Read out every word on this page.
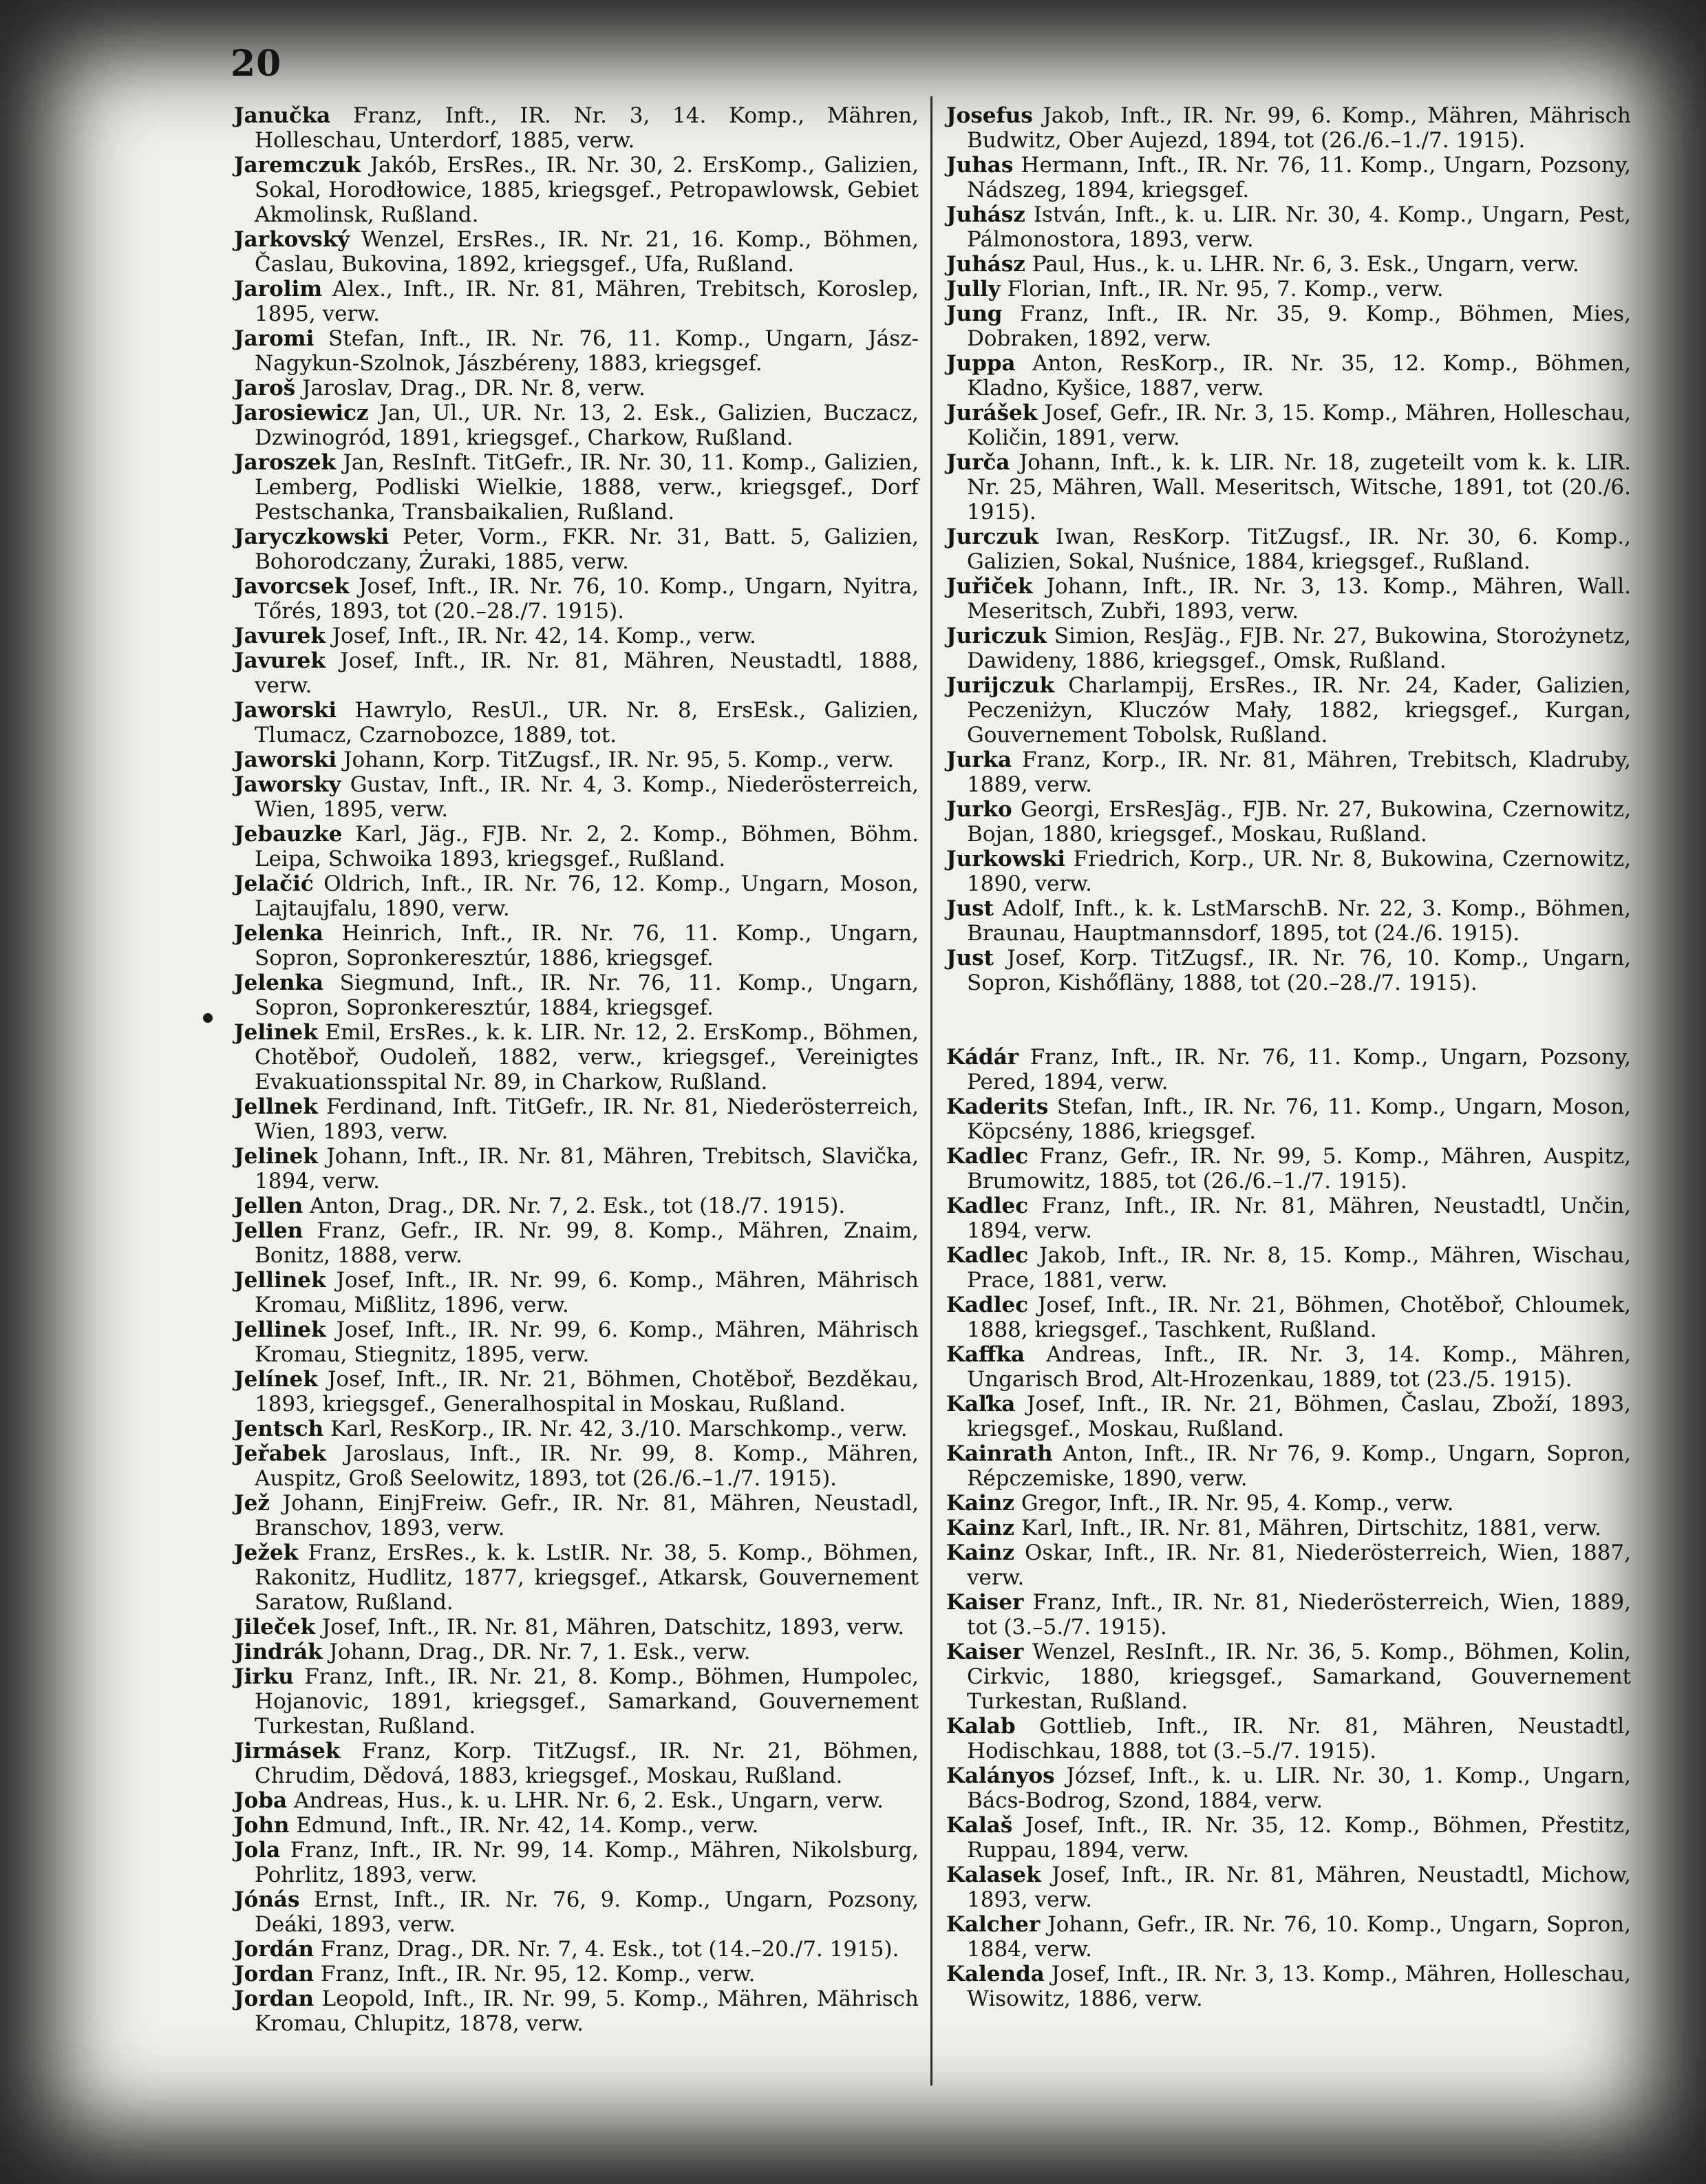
20

Janučka Franz, Inft., IR. Nr. 3, 14. Komp., Mähren, Holleschau, Unterdorf, 1885, verw.

Jaremczuk Jakób, ErsRes., IR. Nr. 30, 2. ErsKomp., Galizien, Sokal, Horodłowice, 1885, kriegsgef., Petropawlowsk, Gebiet Akmolinsk, Rußland.

Jarkovský Wenzel, ErsRes., IR. Nr. 21, 16. Komp., Böhmen, Časlau, Bukovina, 1892, kriegsgef., Ufa, Rußland.

Jarolim Alex., Inft., IR. Nr. 81, Mähren, Trebitsch, Koroslep, 1895, verw.

Jaromi Stefan, Inft., IR. Nr. 76, 11. Komp., Ungarn, Jász-Nagykun-Szolnok, Jászbéreny, 1883, kriegsgef.

Jaroš Jaroslav, Drag., DR. Nr. 8, verw.

Jarosiewicz Jan, Ul., UR. Nr. 13, 2. Esk., Galizien, Buczacz, Dzwinogród, 1891, kriegsgef., Charkow, Rußland.

Jaroszek Jan, ResInft. TitGefr., IR. Nr. 30, 11. Komp., Galizien, Lemberg, Podliski Wielkie, 1888, verw., kriegsgef., Dorf Pestschanka, Transbaikalien, Rußland.

Jaryczkowski Peter, Vorm., FKR. Nr. 31, Batt. 5, Galizien, Bohorodczany, Żuraki, 1885, verw.

Javorcsek Josef, Inft., IR. Nr. 76, 10. Komp., Ungarn, Nyitra, Tőrés, 1893, tot (20.–28./7. 1915).

Javurek Josef, Inft., IR. Nr. 42, 14. Komp., verw.

Javurek Josef, Inft., IR. Nr. 81, Mähren, Neustadtl, 1888, verw.

Jaworski Hawrylo, ResUl., UR. Nr. 8, ErsEsk., Galizien, Tlumacz, Czarnobozce, 1889, tot.

Jaworski Johann, Korp. TitZugsf., IR. Nr. 95, 5. Komp., verw.

Jaworsky Gustav, Inft., IR. Nr. 4, 3. Komp., Niederösterreich, Wien, 1895, verw.

Jebauzke Karl, Jäg., FJB. Nr. 2, 2. Komp., Böhmen, Böhm. Leipa, Schwoika 1893, kriegsgef., Rußland.

Jelačić Oldrich, Inft., IR. Nr. 76, 12. Komp., Ungarn, Moson, Lajtaujfalu, 1890, verw.

Jelenka Heinrich, Inft., IR. Nr. 76, 11. Komp., Ungarn, Sopron, Sopronkeresztúr, 1886, kriegsgef.

Jelenka Siegmund, Inft., IR. Nr. 76, 11. Komp., Ungarn, Sopron, Sopronkeresztúr, 1884, kriegsgef.

Jelinek Emil, ErsRes., k. k. LIR. Nr. 12, 2. ErsKomp., Böhmen, Chotěboř, Oudoleň, 1882, verw., kriegsgef., Vereinigtes Evakuationsspital Nr. 89, in Charkow, Rußland.

Jellnek Ferdinand, Inft. TitGefr., IR. Nr. 81, Niederösterreich, Wien, 1893, verw.

Jelinek Johann, Inft., IR. Nr. 81, Mähren, Trebitsch, Slavička, 1894, verw.

Jellen Anton, Drag., DR. Nr. 7, 2. Esk., tot (18./7. 1915).

Jellen Franz, Gefr., IR. Nr. 99, 8. Komp., Mähren, Znaim, Bonitz, 1888, verw.

Jellinek Josef, Inft., IR. Nr. 99, 6. Komp., Mähren, Mährisch Kromau, Mißlitz, 1896, verw.

Jellinek Josef, Inft., IR. Nr. 99, 6. Komp., Mähren, Mährisch Kromau, Stiegnitz, 1895, verw.

Jelínek Josef, Inft., IR. Nr. 21, Böhmen, Chotěboř, Bezděkau, 1893, kriegsgef., Generalhospital in Moskau, Rußland.

Jentsch Karl, ResKorp., IR. Nr. 42, 3./10. Marschkomp., verw.

Jeřabek Jaroslaus, Inft., IR. Nr. 99, 8. Komp., Mähren, Auspitz, Groß Seelowitz, 1893, tot (26./6.–1./7. 1915).

Jež Johann, EinjFreiw. Gefr., IR. Nr. 81, Mähren, Neustadl, Branschov, 1893, verw.

Ježek Franz, ErsRes., k. k. LstIR. Nr. 38, 5. Komp., Böhmen, Rakonitz, Hudlitz, 1877, kriegsgef., Atkarsk, Gouvernement Saratow, Rußland.

Jileček Josef, Inft., IR. Nr. 81, Mähren, Datschitz, 1893, verw.

Jindrák Johann, Drag., DR. Nr. 7, 1. Esk., verw.

Jirku Franz, Inft., IR. Nr. 21, 8. Komp., Böhmen, Humpolec, Hojanovic, 1891, kriegsgef., Samarkand, Gouvernement Turkestan, Rußland.

Jirmásek Franz, Korp. TitZugsf., IR. Nr. 21, Böhmen, Chrudim, Dědová, 1883, kriegsgef., Moskau, Rußland.

Joba Andreas, Hus., k. u. LHR. Nr. 6, 2. Esk., Ungarn, verw.

John Edmund, Inft., IR. Nr. 42, 14. Komp., verw.

Jola Franz, Inft., IR. Nr. 99, 14. Komp., Mähren, Nikolsburg, Pohrlitz, 1893, verw.

Jónás Ernst, Inft., IR. Nr. 76, 9. Komp., Ungarn, Pozsony, Deáki, 1893, verw.

Jordán Franz, Drag., DR. Nr. 7, 4. Esk., tot (14.–20./7. 1915).

Jordan Franz, Inft., IR. Nr. 95, 12. Komp., verw.

Jordan Leopold, Inft., IR. Nr. 99, 5. Komp., Mähren, Mährisch Kromau, Chlupitz, 1878, verw.

Josefus Jakob, Inft., IR. Nr. 99, 6. Komp., Mähren, Mährisch Budwitz, Ober Aujezd, 1894, tot (26./6.–1./7. 1915).

Juhas Hermann, Inft., IR. Nr. 76, 11. Komp., Ungarn, Pozsony, Nádszeg, 1894, kriegsgef.

Juhász István, Inft., k. u. LIR. Nr. 30, 4. Komp., Ungarn, Pest, Pálmonostora, 1893, verw.

Juhász Paul, Hus., k. u. LHR. Nr. 6, 3. Esk., Ungarn, verw.

Jully Florian, Inft., IR. Nr. 95, 7. Komp., verw.

Jung Franz, Inft., IR. Nr. 35, 9. Komp., Böhmen, Mies, Dobraken, 1892, verw.

Juppa Anton, ResKorp., IR. Nr. 35, 12. Komp., Böhmen, Kladno, Kyšice, 1887, verw.

Jurášek Josef, Gefr., IR. Nr. 3, 15. Komp., Mähren, Holleschau, Količin, 1891, verw.

Jurča Johann, Inft., k. k. LIR. Nr. 18, zugeteilt vom k. k. LIR. Nr. 25, Mähren, Wall. Meseritsch, Witsche, 1891, tot (20./6. 1915).

Jurczuk Iwan, ResKorp. TitZugsf., IR. Nr. 30, 6. Komp., Galizien, Sokal, Nuśnice, 1884, kriegsgef., Rußland.

Juřiček Johann, Inft., IR. Nr. 3, 13. Komp., Mähren, Wall. Meseritsch, Zubři, 1893, verw.

Juriczuk Simion, ResJäg., FJB. Nr. 27, Bukowina, Storożynetz, Dawideny, 1886, kriegsgef., Omsk, Rußland.

Jurijczuk Charlampij, ErsRes., IR. Nr. 24, Kader, Galizien, Peczeniżyn, Kluczów Mały, 1882, kriegsgef., Kurgan, Gouvernement Tobolsk, Rußland.

Jurka Franz, Korp., IR. Nr. 81, Mähren, Trebitsch, Kladruby, 1889, verw.

Jurko Georgi, ErsResJäg., FJB. Nr. 27, Bukowina, Czernowitz, Bojan, 1880, kriegsgef., Moskau, Rußland.

Jurkowski Friedrich, Korp., UR. Nr. 8, Bukowina, Czernowitz, 1890, verw.

Just Adolf, Inft., k. k. LstMarschB. Nr. 22, 3. Komp., Böhmen, Braunau, Hauptmannsdorf, 1895, tot (24./6. 1915).

Just Josef, Korp. TitZugsf., IR. Nr. 76, 10. Komp., Ungarn, Sopron, Kishőfläny, 1888, tot (20.–28./7. 1915).

Kádár Franz, Inft., IR. Nr. 76, 11. Komp., Ungarn, Pozsony, Pered, 1894, verw.

Kaderits Stefan, Inft., IR. Nr. 76, 11. Komp., Ungarn, Moson, Köpcsény, 1886, kriegsgef.

Kadlec Franz, Gefr., IR. Nr. 99, 5. Komp., Mähren, Auspitz, Brumowitz, 1885, tot (26./6.–1./7. 1915).

Kadlec Franz, Inft., IR. Nr. 81, Mähren, Neustadtl, Unčin, 1894, verw.

Kadlec Jakob, Inft., IR. Nr. 8, 15. Komp., Mähren, Wischau, Prace, 1881, verw.

Kadlec Josef, Inft., IR. Nr. 21, Böhmen, Chotěboř, Chloumek, 1888, kriegsgef., Taschkent, Rußland.

Kaffka Andreas, Inft., IR. Nr. 3, 14. Komp., Mähren, Ungarisch Brod, Alt-Hrozenkau, 1889, tot (23./5. 1915).

Kaľka Josef, Inft., IR. Nr. 21, Böhmen, Časlau, Zboží, 1893, kriegsgef., Moskau, Rußland.

Kainrath Anton, Inft., IR. Nr 76, 9. Komp., Ungarn, Sopron, Répczemiske, 1890, verw.

Kainz Gregor, Inft., IR. Nr. 95, 4. Komp., verw.

Kainz Karl, Inft., IR. Nr. 81, Mähren, Dirtschitz, 1881, verw.

Kainz Oskar, Inft., IR. Nr. 81, Niederösterreich, Wien, 1887, verw.

Kaiser Franz, Inft., IR. Nr. 81, Niederösterreich, Wien, 1889, tot (3.–5./7. 1915).

Kaiser Wenzel, ResInft., IR. Nr. 36, 5. Komp., Böhmen, Kolin, Cirkvic, 1880, kriegsgef., Samarkand, Gouvernement Turkestan, Rußland.

Kalab Gottlieb, Inft., IR. Nr. 81, Mähren, Neustadtl, Hodischkau, 1888, tot (3.–5./7. 1915).

Kalányos József, Inft., k. u. LIR. Nr. 30, 1. Komp., Ungarn, Bács-Bodrog, Szond, 1884, verw.

Kalaš Josef, Inft., IR. Nr. 35, 12. Komp., Böhmen, Přestitz, Ruppau, 1894, verw.

Kalasek Josef, Inft., IR. Nr. 81, Mähren, Neustadtl, Michow, 1893, verw.

Kalcher Johann, Gefr., IR. Nr. 76, 10. Komp., Ungarn, Sopron, 1884, verw.

Kalenda Josef, Inft., IR. Nr. 3, 13. Komp., Mähren, Holleschau, Wisowitz, 1886, verw.
